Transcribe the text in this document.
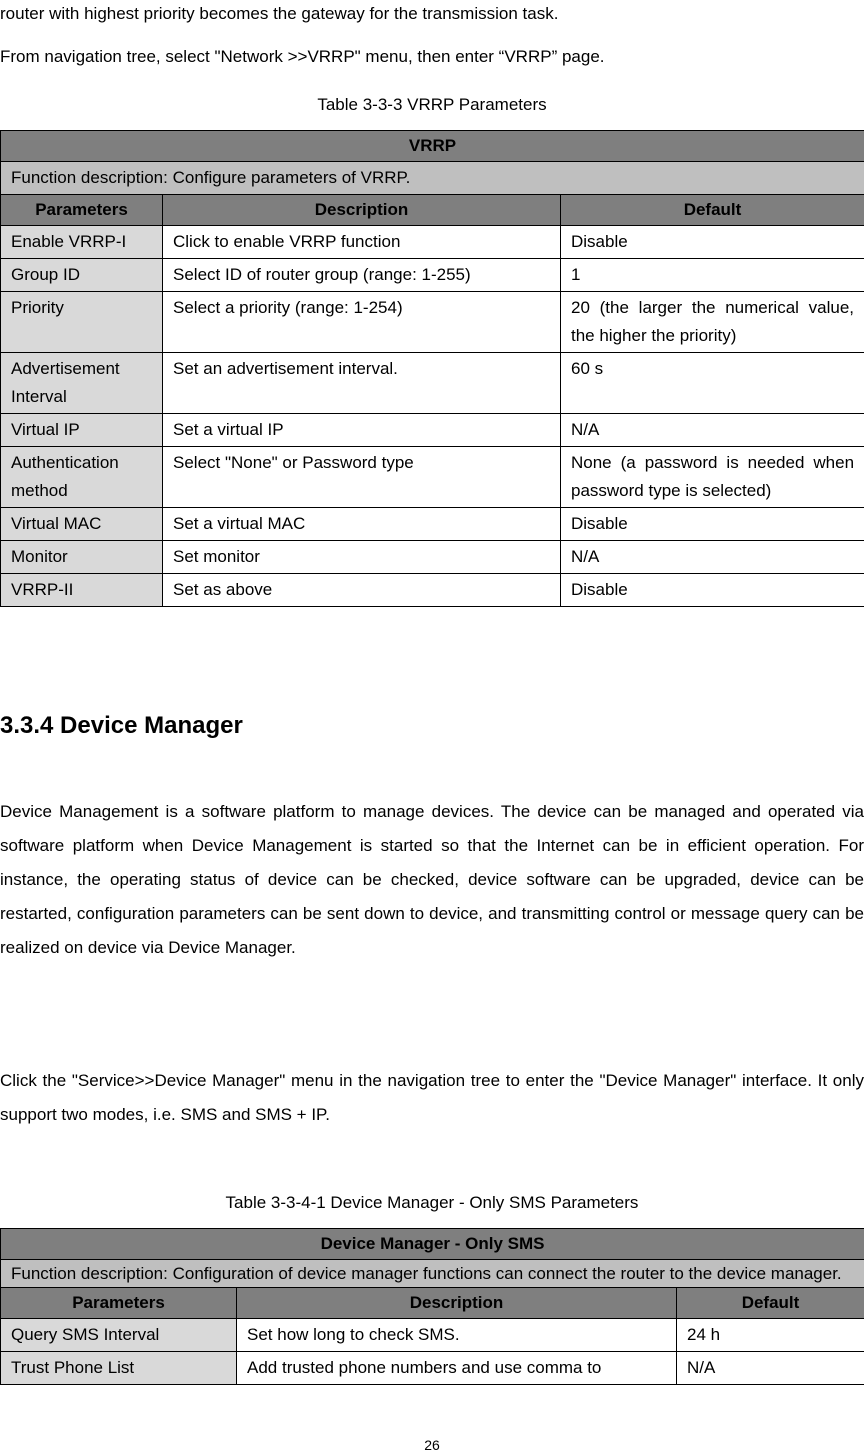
router with highest priority becomes the gateway for the transmission task.

From navigation tree, select "Network >>VRRP" menu, then enter “VRRP” page.

Table 3-3-3 VRRP Parameters

VRRP		
Function description: Configure parameters of VRRP.		
Parameters	Description	Default
Enable VRRP-I	Click to enable VRRP function	Disable
Group ID	Select ID of router group (range: 1-255)	1
Priority	Select a priority (range: 1-254)	20 (the larger the numerical value, the higher the priority)
Advertisement Interval	Set an advertisement interval.	60 s
Virtual IP	Set a virtual IP	N/A
Authentication method	Select "None" or Password type	None (a password is needed when password type is selected)
Virtual MAC	Set a virtual MAC	Disable
Monitor	Set monitor	N/A
VRRP-II	Set as above	Disable
3.3.4 Device Manager

Device Management is a software platform to manage devices. The device can be managed and operated via software platform when Device Management is started so that the Internet can be in efficient operation. For instance, the operating status of device can be checked, device software can be upgraded, device can be restarted, configuration parameters can be sent down to device, and transmitting control or message query can be realized on device via Device Manager.

Click the "Service>>Device Manager" menu in the navigation tree to enter the "Device Manager" interface. It only support two modes, i.e. SMS and SMS + IP.

Table 3-3-4-1 Device Manager - Only SMS Parameters

Device Manager - Only SMS		
Function description: Configuration of device manager functions can connect the router to the device manager.		
Parameters	Description	Default
Query SMS Interval	Set how long to check SMS.	24 h
Trust Phone List	Add trusted phone numbers and use comma to	N/A
26
